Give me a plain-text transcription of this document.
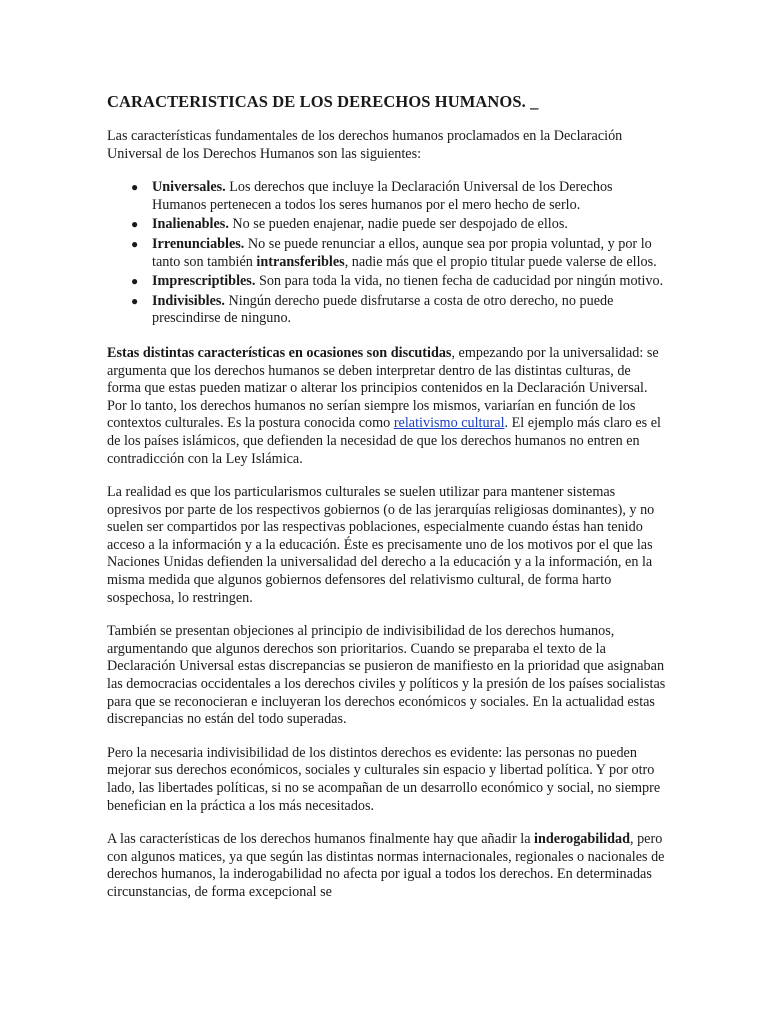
CARACTERISTICAS DE LOS DERECHOS HUMANOS. _

Las características fundamentales de los derechos humanos proclamados en la Declaración Universal de los Derechos Humanos son las siguientes:

● Universales. Los derechos que incluye la Declaración Universal de los Derechos Humanos pertenecen a todos los seres humanos por el mero hecho de serlo.
● Inalienables. No se pueden enajenar, nadie puede ser despojado de ellos.
● Irrenunciables. No se puede renunciar a ellos, aunque sea por propia voluntad, y por lo tanto son también intransferibles, nadie más que el propio titular puede valerse de ellos.
● Imprescriptibles. Son para toda la vida, no tienen fecha de caducidad por ningún motivo.
● Indivisibles. Ningún derecho puede disfrutarse a costa de otro derecho, no puede prescindirse de ninguno.

Estas distintas características en ocasiones son discutidas, empezando por la universalidad: se argumenta que los derechos humanos se deben interpretar dentro de las distintas culturas, de forma que estas pueden matizar o alterar los principios contenidos en la Declaración Universal. Por lo tanto, los derechos humanos no serían siempre los mismos, variarían en función de los contextos culturales. Es la postura conocida como relativismo cultural. El ejemplo más claro es el de los países islámicos, que defienden la necesidad de que los derechos humanos no entren en contradicción con la Ley Islámica.

La realidad es que los particularismos culturales se suelen utilizar para mantener sistemas opresivos por parte de los respectivos gobiernos (o de las jerarquías religiosas dominantes), y no suelen ser compartidos por las respectivas poblaciones, especialmente cuando éstas han tenido acceso a la información y a la educación. Éste es precisamente uno de los motivos por el que las Naciones Unidas defienden la universalidad del derecho a la educación y a la información, en la misma medida que algunos gobiernos defensores del relativismo cultural, de forma harto sospechosa, lo restringen.

También se presentan objeciones al principio de indivisibilidad de los derechos humanos, argumentando que algunos derechos son prioritarios. Cuando se preparaba el texto de la Declaración Universal estas discrepancias se pusieron de manifiesto en la prioridad que asignaban las democracias occidentales a los derechos civiles y políticos y la presión de los países socialistas para que se reconocieran e incluyeran los derechos económicos y sociales. En la actualidad estas discrepancias no están del todo superadas.

Pero la necesaria indivisibilidad de los distintos derechos es evidente: las personas no pueden mejorar sus derechos económicos, sociales y culturales sin espacio y libertad política. Y por otro lado, las libertades políticas, si no se acompañan de un desarrollo económico y social, no siempre benefician en la práctica a los más necesitados.

A las características de los derechos humanos finalmente hay que añadir la inderogabilidad, pero con algunos matices, ya que según las distintas normas internacionales, regionales o nacionales de derechos humanos, la inderogabilidad no afecta por igual a todos los derechos. En determinadas circunstancias, de forma excepcional se
